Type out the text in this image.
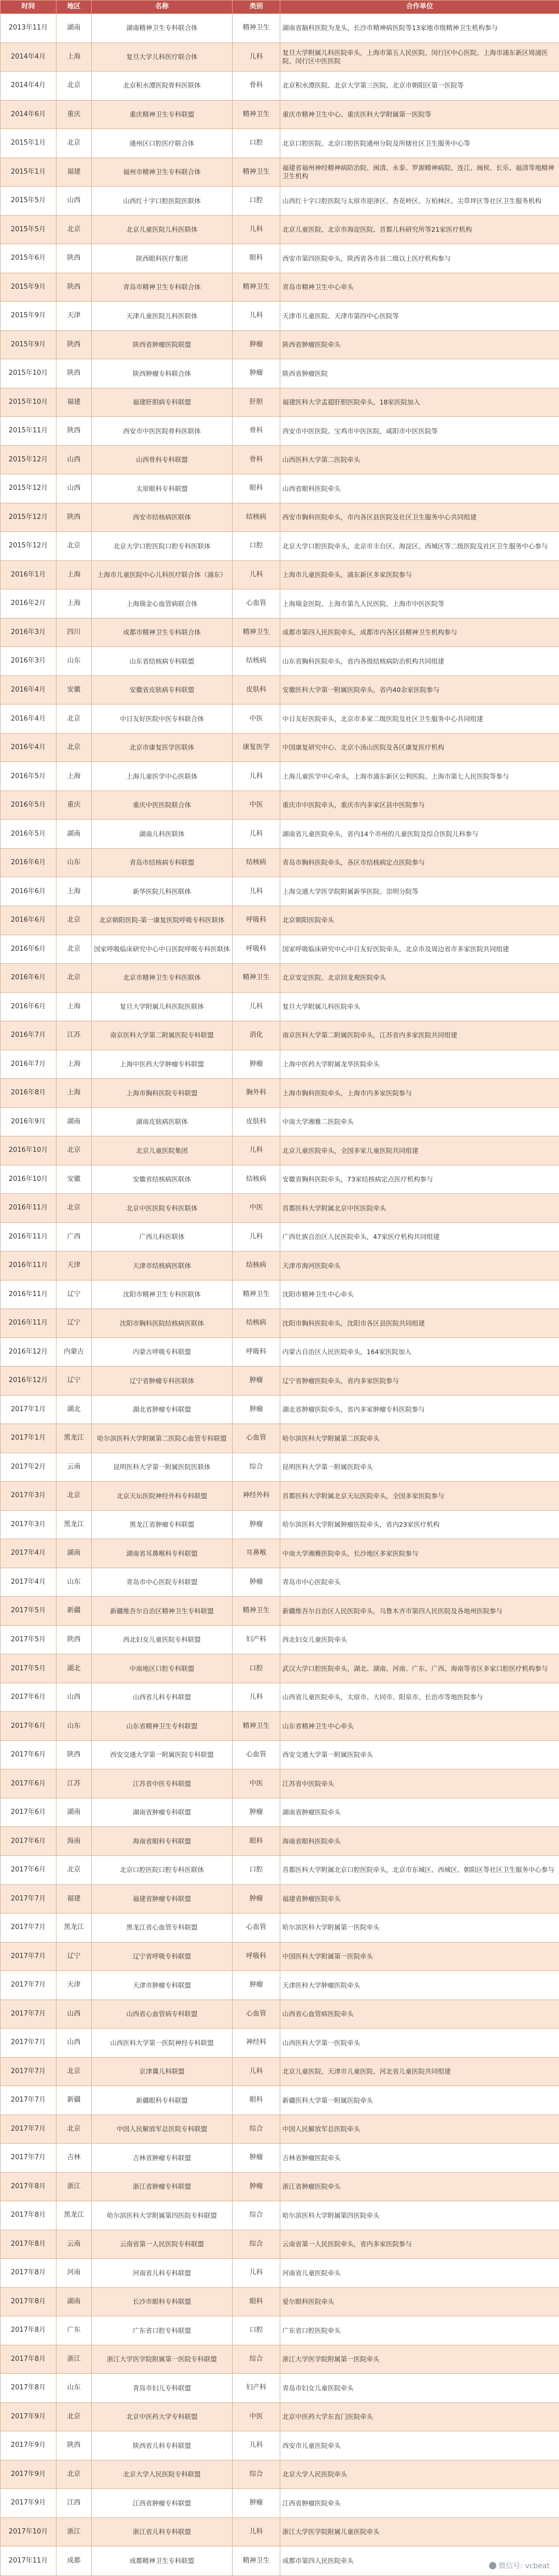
时间	地区	名称	类别	合作单位
2013年11月	湖南	湖南精神卫生专科联合体	精神卫生	湖南省脑科医院为龙头，长沙市精神病医院等13家地市级精神卫生机构参与
2014年4月	上海	复旦大学儿科医疗联合体	儿科	复旦大学附属儿科医院牵头，上海市第五人民医院、闵行区中心医院、上海市浦东新区周浦医院、闵行区中医医院
2014年4月	北京	北京积水潭医院骨科医联体	骨科	北京积水潭医院、北京大学第三医院、北京市朝阳区第一医院等
2014年6月	重庆	重庆精神卫生专科联盟	精神卫生	重庆市精神卫生中心、重庆医科大学附属第一医院等
2015年1月	北京	通州区口腔医疗联合体	口腔	北京口腔医院、北京口腔医院通州分院及所辖社区卫生服务中心等
2015年1月	福建	福州市精神卫生专科联合体	精神卫生	福建省福州神经精神病防治院、闽清、永泰、罗源精神病院、连江、闽侯、长乐、福清等地精神卫生机构
2015年5月	山西	山西红十字口腔医院医联体	口腔	山西红十字口腔医院与太原市迎泽区、杏花岭区、万柏林区、尖草坪区等社区卫生服务机构
2015年5月	北京	北京儿童医院儿科医联体	儿科	北京儿童医院、北京市海淀医院、首都儿科研究所等21家医疗机构
2015年6月	陕西	陕西眼科医疗集团	眼科	西安市第四医院牵头，陕西省各市县二级以上医疗机构参与
2015年9月	陕西	青岛市精神卫生专科联合体	精神卫生	青岛市精神卫生中心牵头
2015年9月	天津	天津儿童医院儿科医联体	儿科	天津市儿童医院、天津市第四中心医院等
2015年9月	陕西	陕西省肿瘤医院联盟	肿瘤	陕西省肿瘤医院牵头
2015年10月	陕西	陕西肿瘤专科联合体	肿瘤	陕西省肿瘤医院
2015年10月	福建	福建肝胆病专科联盟	肝胆	福建医科大学孟超肝胆医院牵头，18家医院加入
2015年11月	陕西	西安市中医医院骨科医联体	骨科	西安市中医医院、宝鸡市中医医院、咸阳市中医医院等
2015年12月	山西	山西骨科专科联盟	骨科	山西医科大学第二医院牵头
2015年12月	山西	太原眼科专科联盟	眼科	山西省眼科医院牵头
2015年12月	陕西	西安市结核病医联体	结核病	西安市胸科医院牵头，市内各区县医院及社区卫生服务中心共同组建
2015年12月	北京	北京大学口腔医院口腔专科医联体	口腔	北京大学口腔医院牵头，北京市丰台区、海淀区、西城区等二级医院及社区卫生服务中心参与
2016年1月	上海	上海市儿童医院中心儿科医疗联合体（浦东）	儿科	上海市儿童医院牵头，浦东新区多家医院参与
2016年2月	上海	上海瑞金心血管病联合体	心血管	上海瑞金医院、上海市第九人民医院、上海市中医医院等
2016年3月	四川	成都市精神卫生专科联合体	精神卫生	成都市第四人民医院牵头，成都市内各区县精神卫生机构参与
2016年3月	山东	山东省结核病专科联盟	结核病	山东省胸科医院牵头，省内各级结核病防治机构共同组建
2016年4月	安徽	安徽省皮肤病专科联盟	皮肤科	安徽医科大学第一附属医院牵头，省内40余家医院参与
2016年4月	北京	中日友好医院中医专科联合体	中医	中日友好医院牵头，北京市多家二级医院及社区卫生服务中心共同组建
2016年4月	北京	北京市康复医学医联体	康复医学	中国康复研究中心、北京小汤山医院及各区康复医疗机构
2016年5月	上海	上海儿童医学中心医联体	儿科	上海儿童医学中心牵头，上海市浦东新区公利医院、上海市第七人民医院等参与
2016年5月	重庆	重庆中医医院联合体	中医	重庆市中医院牵头，重庆市内多家区县中医院参与
2016年5月	湖南	湖南儿科医联体	儿科	湖南省儿童医院牵头，省内14个市州的儿童医院及综合医院儿科参与
2016年6月	山东	青岛市结核病专科联盟	结核病	青岛市胸科医院牵头，各区市结核病定点医院参与
2016年6月	上海	新华医院儿科医联体	儿科	上海交通大学医学院附属新华医院、崇明分院等
2016年6月	北京	北京朝阳医院-第一康复医院呼吸专科医联体	呼吸科	北京朝阳医院牵头
2016年6月	北京	国家呼吸临床研究中心中日医院呼吸专科医联体	呼吸科	国家呼吸临床研究中心中日友好医院牵头，北京市及周边省市多家医院共同组建
2016年6月	北京	北京市精神卫生专科医联体	精神卫生	北京安定医院、北京回龙观医院牵头
2016年6月	上海	复旦大学附属儿科医院医联体	儿科	复旦大学附属儿科医院牵头
2016年7月	江苏	南京医科大学第二附属医院专科联盟	消化	南京医科大学第二附属医院牵头，江苏省内多家医院共同组建
2016年7月	上海	上海中医药大学肿瘤专科联盟	肿瘤	上海中医药大学附属龙华医院牵头
2016年8月	上海	上海市胸科医院专科联盟	胸外科	上海市胸科医院牵头，上海市内多家医院参与
2016年9月	湖南	湖南皮肤病医联体	皮肤科	中南大学湘雅二医院牵头
2016年10月	北京	北京儿童医院集团	儿科	北京儿童医院牵头，全国多家儿童医院共同组建
2016年10月	安徽	安徽省结核病医联体	结核病	安徽省胸科医院牵头，73家结核病定点医疗机构参与
2016年11月	北京	北京中医医院专科医联体	中医	首都医科大学附属北京中医医院牵头
2016年11月	广西	广西儿科医联体	儿科	广西壮族自治区人民医院牵头，47家医疗机构共同组建
2016年11月	天津	天津市结核病医联体	结核病	天津市海河医院牵头
2016年11月	辽宁	沈阳市精神卫生专科医联体	精神卫生	沈阳市精神卫生中心牵头
2016年11月	辽宁	沈阳市胸科医院结核病医联体	结核病	沈阳市胸科医院牵头，沈阳市各区县医院共同组建
2016年12月	内蒙古	内蒙古呼吸专科联盟	呼吸科	内蒙古自治区人民医院牵头，164家医院加入
2016年12月	辽宁	辽宁省肿瘤专科医联体	肿瘤	辽宁省肿瘤医院牵头，省内多家医院参与
2017年1月	湖北	湖北省肿瘤专科联盟	肿瘤	湖北省肿瘤医院牵头，省内多家肿瘤专科医院参与
2017年1月	黑龙江	哈尔滨医科大学附属第二医院心血管专科联盟	心血管	哈尔滨医科大学附属第二医院牵头
2017年2月	云南	昆明医科大学第一附属医院医联体	综合	昆明医科大学第一附属医院牵头
2017年3月	北京	北京天坛医院神经外科专科联盟	神经外科	首都医科大学附属北京天坛医院牵头，全国多家医院参与
2017年3月	黑龙江	黑龙江省肿瘤专科联盟	肿瘤	哈尔滨医科大学附属肿瘤医院牵头，省内23家医疗机构
2017年4月	湖南	湖南省耳鼻喉科专科联盟	耳鼻喉	中南大学湘雅医院牵头，长沙地区多家医院参与
2017年4月	山东	青岛市中心医院专科联盟	肿瘤	青岛市中心医院牵头
2017年5月	新疆	新疆维吾尔自治区精神卫生专科联盟	精神卫生	新疆维吾尔自治区人民医院牵头，乌鲁木齐市第四人民医院及各地州医院参与
2017年5月	陕西	西北妇女儿童医院专科联盟	妇产科	西北妇女儿童医院牵头
2017年5月	湖北	中南地区口腔专科联盟	口腔	武汉大学口腔医院牵头，湖北、湖南、河南、广东、广西、海南等省区多家口腔医疗机构参与
2017年6月	山西	山西省儿科专科联盟	儿科	山西省儿童医院牵头，太原市、大同市、阳泉市、长治市等地医院参与
2017年6月	山东	山东省精神卫生专科联盟	精神卫生	山东省精神卫生中心牵头
2017年6月	陕西	西安交通大学第一附属医院专科联盟	心血管	西安交通大学第一附属医院牵头
2017年6月	江苏	江苏省中医专科联盟	中医	江苏省中医院牵头
2017年6月	湖南	湖南省肿瘤专科联盟	肿瘤	湖南省肿瘤医院牵头
2017年6月	海南	海南省眼科专科联盟	眼科	海南省眼科医院牵头
2017年6月	北京	北京口腔医院口腔专科医联体	口腔	首都医科大学附属北京口腔医院牵头，北京市东城区、西城区、朝阳区等社区卫生服务中心参与
2017年7月	福建	福建省肿瘤专科联盟	肿瘤	福建省肿瘤医院牵头
2017年7月	黑龙江	黑龙江省心血管专科联盟	心血管	哈尔滨医科大学附属第一医院牵头
2017年7月	辽宁	辽宁省呼吸专科联盟	呼吸科	中国医科大学附属第一医院牵头
2017年7月	天津	天津市肿瘤专科联盟	肿瘤	天津医科大学肿瘤医院牵头
2017年7月	山西	山西省心血管病专科联盟	心血管	山西省心血管病医院牵头
2017年7月	山西	山西医科大学第一医院神经专科联盟	神经科	山西医科大学第一医院牵头
2017年7月	北京	京津冀儿科联盟	儿科	北京儿童医院、天津市儿童医院、河北省儿童医院共同组建
2017年7月	新疆	新疆眼科专科联盟	眼科	新疆医科大学第一附属医院牵头
2017年7月	北京	中国人民解放军总医院专科联盟	综合	中国人民解放军总医院牵头
2017年7月	吉林	吉林省肿瘤专科联盟	肿瘤	吉林省肿瘤医院牵头
2017年8月	浙江	浙江省肿瘤专科联盟	肿瘤	浙江省肿瘤医院牵头
2017年8月	黑龙江	哈尔滨医科大学附属第四医院专科联盟	综合	哈尔滨医科大学附属第四医院牵头
2017年8月	云南	云南省第一人民医院专科联盟	综合	云南省第一人民医院牵头，省内多家医院参与
2017年8月	河南	河南省儿科专科联盟	儿科	河南省儿童医院牵头
2017年8月	湖南	长沙市眼科专科联盟	眼科	爱尔眼科医院牵头
2017年8月	广东	广东省口腔专科联盟	口腔	广东省口腔医院牵头
2017年8月	浙江	浙江大学医学院附属第一医院专科联盟	综合	浙江大学医学院附属第一医院牵头
2017年8月	山东	青岛市妇儿专科联盟	妇产科	青岛市妇女儿童医院牵头
2017年9月	北京	北京中医药大学专科联盟	中医	北京中医药大学东直门医院牵头
2017年9月	陕西	陕西省儿科专科联盟	儿科	西安市儿童医院牵头
2017年9月	北京	北京大学人民医院专科联盟	综合	北京大学人民医院牵头
2017年9月	江西	江西省肿瘤专科联盟	肿瘤	江西省肿瘤医院牵头
2017年10月	浙江	浙江省儿科专科联盟	儿科	浙江大学医学院附属儿童医院牵头
2017年11月	成都	成都精神卫生专科联盟	精神卫生	成都市第四人民医院牵头
微信号: vcbeat
